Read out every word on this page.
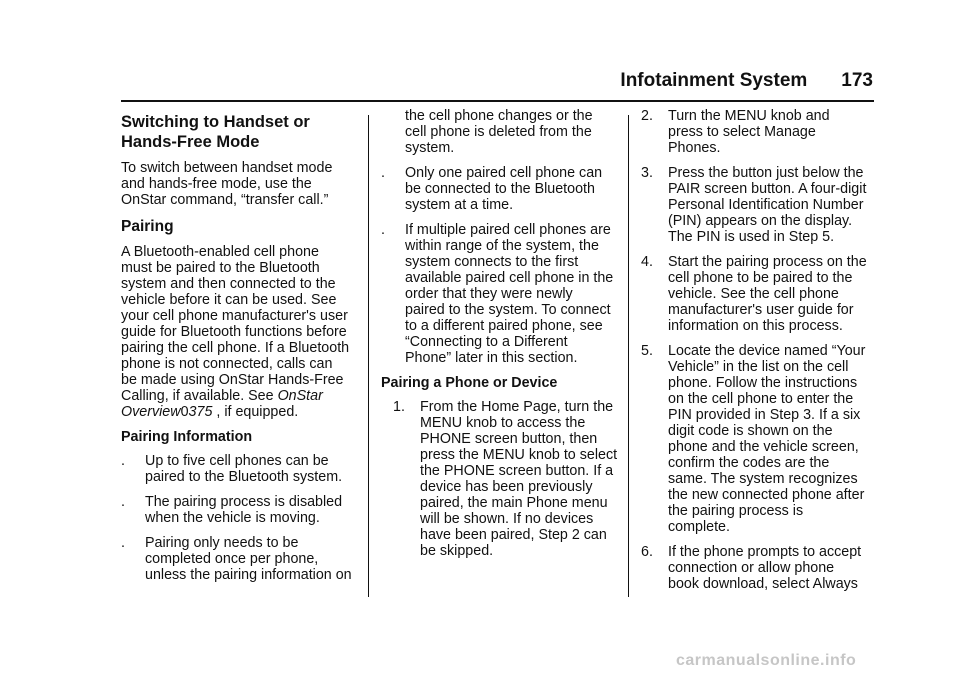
Infotainment System 173
Switching to Handset or
Hands-Free Mode
To switch between handset mode
and hands-free mode, use the
OnStar command, “transfer call.”
Pairing
A Bluetooth-enabled cell phone
must be paired to the Bluetooth
system and then connected to the
vehicle before it can be used. See
your cell phone manufacturer's user
guide for Bluetooth functions before
pairing the cell phone. If a Bluetooth
phone is not connected, calls can
be made using OnStar Hands-Free
Calling, if available. See OnStar
Overview0375 , if equipped.
Pairing Information
.	Up to five cell phones can be
paired to the Bluetooth system.
.	The pairing process is disabled
when the vehicle is moving.
.	Pairing only needs to be
completed once per phone,
unless the pairing information on
the cell phone changes or the
cell phone is deleted from the
system.
.	Only one paired cell phone can
be connected to the Bluetooth
system at a time.
.	If multiple paired cell phones are
within range of the system, the
system connects to the first
available paired cell phone in the
order that they were newly
paired to the system. To connect
to a different paired phone, see
“Connecting to a Different
Phone” later in this section.
Pairing a Phone or Device
1. From the Home Page, turn the
MENU knob to access the
PHONE screen button, then
press the MENU knob to select
the PHONE screen button. If a
device has been previously
paired, the main Phone menu
will be shown. If no devices
have been paired, Step 2 can
be skipped.
2. Turn the MENU knob and
press to select Manage
Phones.
3. Press the button just below the
PAIR screen button. A four-digit
Personal Identification Number
(PIN) appears on the display.
The PIN is used in Step 5.
4. Start the pairing process on the
cell phone to be paired to the
vehicle. See the cell phone
manufacturer's user guide for
information on this process.
5. Locate the device named “Your
Vehicle” in the list on the cell
phone. Follow the instructions
on the cell phone to enter the
PIN provided in Step 3. If a six
digit code is shown on the
phone and the vehicle screen,
confirm the codes are the
same. The system recognizes
the new connected phone after
the pairing process is
complete.
6. If the phone prompts to accept
connection or allow phone
book download, select Always
carmanualsonline.info
